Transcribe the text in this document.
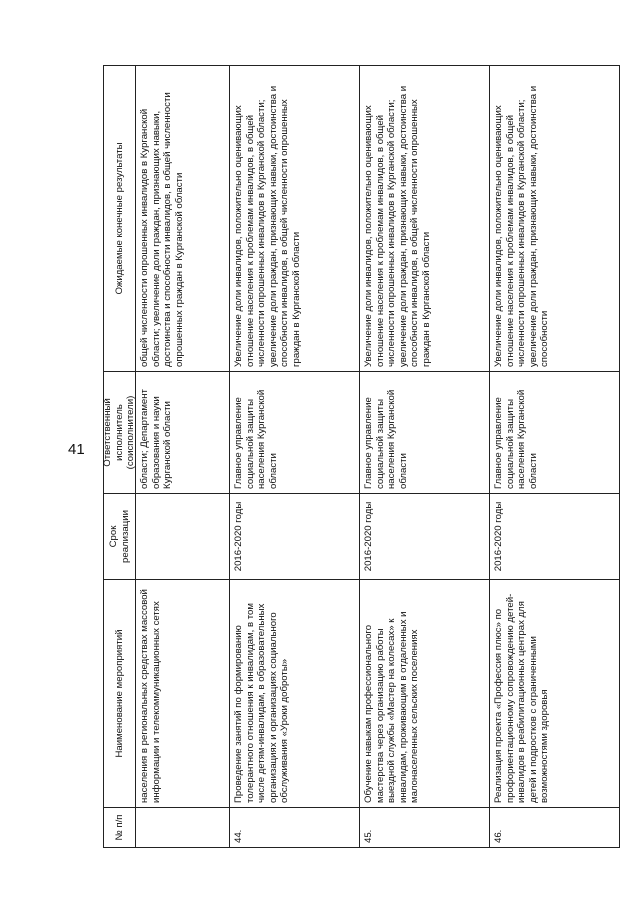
41
№ п/п
Наименование мероприятий
Срок реализации
Ответственный исполнитель (соисполнители)
Ожидаемые конечные результаты
населения в региональных средствах массовой информации и телекоммуникационных сетях
области; Департамент образования и науки Курганской области
общей численности опрошенных инвалидов в Курганской области; увеличение доли граждан, признающих навыки, достоинства и способности инвалидов, в общей численности опрошенных граждан в Курганской области
44.
Проведение занятий по формированию толерантного отношения к инвалидам, в том числе детям-инвалидам, в образовательных организациях и организациях социального обслуживания «Уроки доброты»
2016-2020 годы
Главное управление социальной защиты населения Курганской области
Увеличение доли инвалидов, положительно оценивающих отношение населения к проблемам инвалидов, в общей численности опрошенных инвалидов в Курганской области; увеличение доли граждан, признающих навыки, достоинства и способности инвалидов, в общей численности опрошенных граждан в Курганской области
45.
Обучение навыкам профессионального мастерства через организацию работы выездной службы «Мастер на колесах» к инвалидам, проживающим в отдаленных и малонаселенных сельских поселениях
2016-2020 годы
Главное управление социальной защиты населения Курганской области
Увеличение доли инвалидов, положительно оценивающих отношение населения к проблемам инвалидов, в общей численности опрошенных инвалидов в Курганской области; увеличение доли граждан, признающих навыки, достоинства и способности инвалидов, в общей численности опрошенных граждан в Курганской области
46.
Реализация проекта «Профессия плюс» по профориентационному сопровождению детей-инвалидов в реабилитационных центрах для детей и подростков с ограниченными возможностями здоровья
2016-2020 годы
Главное управление социальной защиты населения Курганской области
Увеличение доли инвалидов, положительно оценивающих отношение населения к проблемам инвалидов, в общей численности опрошенных инвалидов в Курганской области; увеличение доли граждан, признающих навыки, достоинства и способности
